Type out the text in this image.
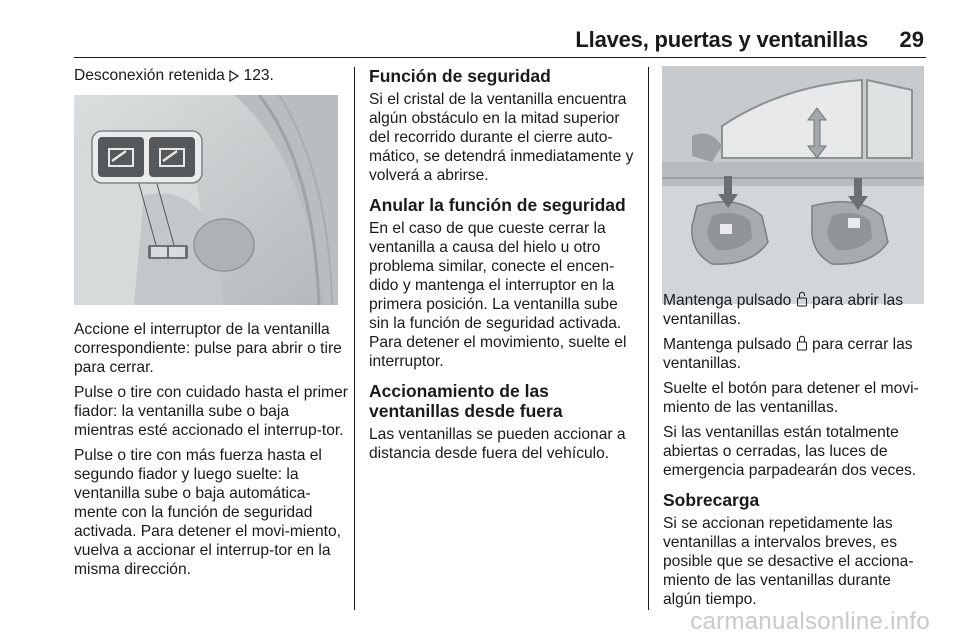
Llaves, puertas y ventanillas 29

Desconexión retenida 123.

Accione el interruptor de la ventanilla correspondiente: pulse para abrir o tire para cerrar.

Pulse o tire con cuidado hasta el primer fiador: la ventanilla sube o baja mientras esté accionado el interrup-tor.

Pulse o tire con más fuerza hasta el segundo fiador y luego suelte: la ventanilla sube o baja automática-mente con la función de seguridad activada. Para detener el movi-miento, vuelva a accionar el interrup-tor en la misma dirección.

Función de seguridad

Si el cristal de la ventanilla encuentra algún obstáculo en la mitad superior del recorrido durante el cierre auto-mático, se detendrá inmediatamente y volverá a abrirse.

Anular la función de seguridad

En el caso de que cueste cerrar la ventanilla a causa del hielo u otro problema similar, conecte el encen-dido y mantenga el interruptor en la primera posición. La ventanilla sube sin la función de seguridad activada. Para detener el movimiento, suelte el interruptor.

Accionamiento de las ventanillas desde fuera

Las ventanillas se pueden accionar a distancia desde fuera del vehículo.

Mantenga pulsado para abrir las ventanillas.

Mantenga pulsado para cerrar las ventanillas.

Suelte el botón para detener el movi-miento de las ventanillas.

Si las ventanillas están totalmente abiertas o cerradas, las luces de emergencia parpadearán dos veces.

Sobrecarga

Si se accionan repetidamente las ventanillas a intervalos breves, es posible que se desactive el acciona-miento de las ventanillas durante algún tiempo.

carmanualsonline.info
